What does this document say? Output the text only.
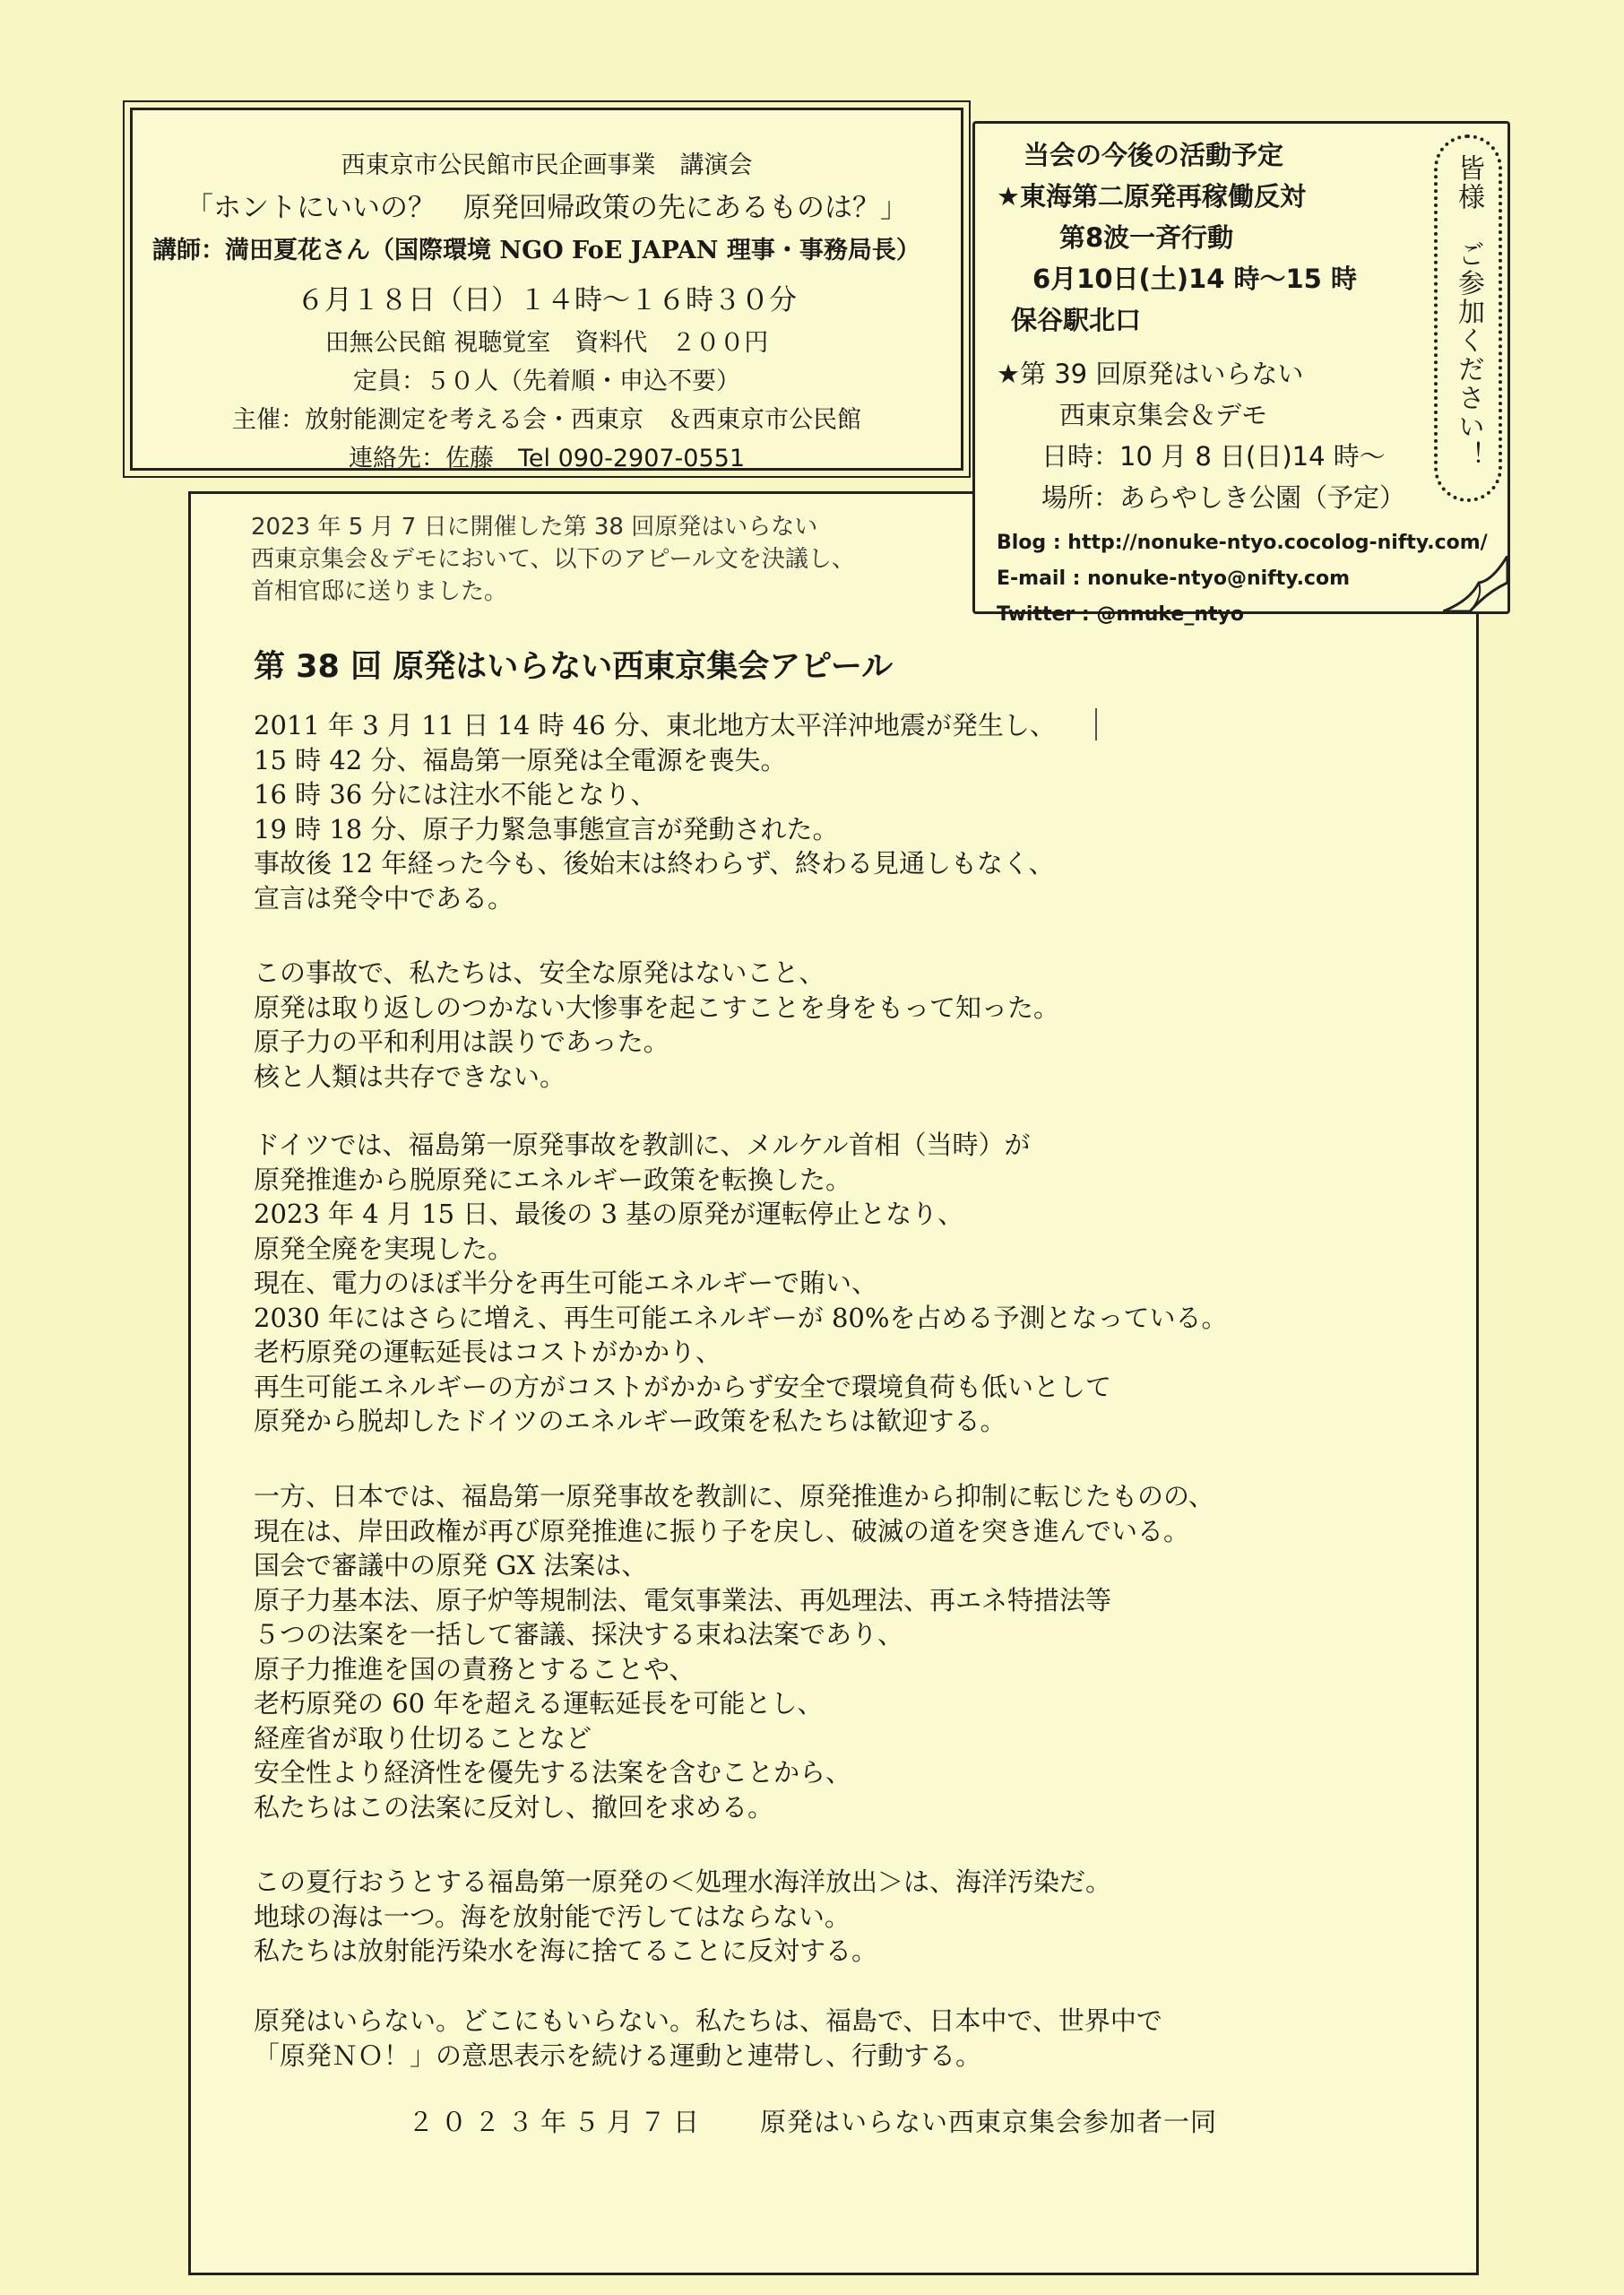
西東京市公民館市民企画事業　講演会
「ホントにいいの？　原発回帰政策の先にあるものは？」
講師：満田夏花さん（国際環境 NGO FoE JAPAN 理事・事務局長）
６月１８日（日）１４時～１６時３０分
田無公民館 視聴覚室　資料代　２００円
定員：５０人（先着順・申込不要）
主催：放射能測定を考える会・西東京　＆西東京市公民館
連絡先：佐藤　Tel 090-2907-0551
当会の今後の活動予定
★東海第二原発再稼働反対
第8波一斉行動
6月10日(土)14 時～15 時
保谷駅北口
★第 39 回原発はいらない
西東京集会＆デモ
日時：10 月 8 日(日)14 時～
場所：あらやしき公園（予定）
Blog : http://nonuke-ntyo.cocolog-nifty.com/
E-mail : nonuke-ntyo@nifty.com
Twitter : @nnuke_ntyo
皆様　ご参加ください！
2023 年 5 月 7 日に開催した第 38 回原発はいらない
西東京集会＆デモにおいて、以下のアピール文を決議し、
首相官邸に送りました。
第 38 回 原発はいらない西東京集会アピール
2011 年 3 月 11 日 14 時 46 分、東北地方太平洋沖地震が発生し、
15 時 42 分、福島第一原発は全電源を喪失。
16 時 36 分には注水不能となり、
19 時 18 分、原子力緊急事態宣言が発動された。
事故後 12 年経った今も、後始末は終わらず、終わる見通しもなく、
宣言は発令中である。
この事故で、私たちは、安全な原発はないこと、
原発は取り返しのつかない大惨事を起こすことを身をもって知った。
原子力の平和利用は誤りであった。
核と人類は共存できない。
ドイツでは、福島第一原発事故を教訓に、メルケル首相（当時）が
原発推進から脱原発にエネルギー政策を転換した。
2023 年 4 月 15 日、最後の 3 基の原発が運転停止となり、
原発全廃を実現した。
現在、電力のほぼ半分を再生可能エネルギーで賄い、
2030 年にはさらに増え、再生可能エネルギーが 80%を占める予測となっている。
老朽原発の運転延長はコストがかかり、
再生可能エネルギーの方がコストがかからず安全で環境負荷も低いとして
原発から脱却したドイツのエネルギー政策を私たちは歓迎する。
一方、日本では、福島第一原発事故を教訓に、原発推進から抑制に転じたものの、
現在は、岸田政権が再び原発推進に振り子を戻し、破滅の道を突き進んでいる。
国会で審議中の原発 GX 法案は、
原子力基本法、原子炉等規制法、電気事業法、再処理法、再エネ特措法等
５つの法案を一括して審議、採決する束ね法案であり、
原子力推進を国の責務とすることや、
老朽原発の 60 年を超える運転延長を可能とし、
経産省が取り仕切ることなど
安全性より経済性を優先する法案を含むことから、
私たちはこの法案に反対し、撤回を求める。
この夏行おうとする福島第一原発の＜処理水海洋放出＞は、海洋汚染だ。
地球の海は一つ。海を放射能で汚してはならない。
私たちは放射能汚染水を海に捨てることに反対する。
原発はいらない。どこにもいらない。私たちは、福島で、日本中で、世界中で
「原発ＮＯ！」の意思表示を続ける運動と連帯し、行動する。
２０２３年５月７日 原発はいらない西東京集会参加者一同
